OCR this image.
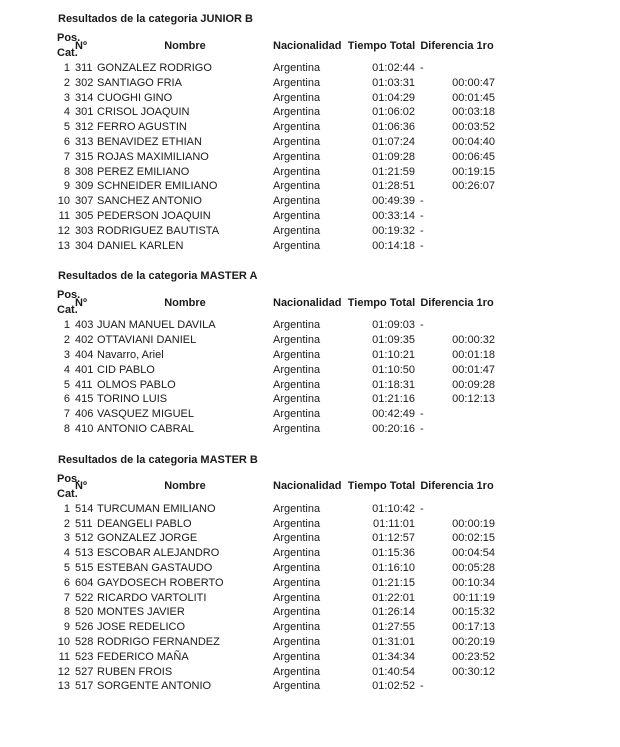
Resultados de la categoria JUNIOR B
Pos.
Cat.	Nº	Nombre	Nacionalidad	Tiempo Total	Diferencia 1ro
1	311	GONZALEZ RODRIGO	Argentina	01:02:44	-
2	302	SANTIAGO FRIA	Argentina	01:03:31	00:00:47
3	314	CUOGHI GINO	Argentina	01:04:29	00:01:45
4	301	CRISOL JOAQUIN	Argentina	01:06:02	00:03:18
5	312	FERRO AGUSTIN	Argentina	01:06:36	00:03:52
6	313	BENAVIDEZ ETHIAN	Argentina	01:07:24	00:04:40
7	315	ROJAS MAXIMILIANO	Argentina	01:09:28	00:06:45
8	308	PEREZ EMILIANO	Argentina	01:21:59	00:19:15
9	309	SCHNEIDER EMILIANO	Argentina	01:28:51	00:26:07
10	307	SANCHEZ ANTONIO	Argentina	00:49:39	-
11	305	PEDERSON JOAQUIN	Argentina	00:33:14	-
12	303	RODRIGUEZ BAUTISTA	Argentina	00:19:32	-
13	304	DANIEL KARLEN	Argentina	00:14:18	-
Resultados de la categoria MASTER A
Pos.
Cat.	Nº	Nombre	Nacionalidad	Tiempo Total	Diferencia 1ro
1	403	JUAN MANUEL DAVILA	Argentina	01:09:03	-
2	402	OTTAVIANI DANIEL	Argentina	01:09:35	00:00:32
3	404	Navarro, Ariel	Argentina	01:10:21	00:01:18
4	401	CID PABLO	Argentina	01:10:50	00:01:47
5	411	OLMOS PABLO	Argentina	01:18:31	00:09:28
6	415	TORINO LUIS	Argentina	01:21:16	00:12:13
7	406	VASQUEZ MIGUEL	Argentina	00:42:49	-
8	410	ANTONIO CABRAL	Argentina	00:20:16	-
Resultados de la categoria MASTER B
Pos.
Cat.	Nº	Nombre	Nacionalidad	Tiempo Total	Diferencia 1ro
1	514	TURCUMAN EMILIANO	Argentina	01:10:42	-
2	511	DEANGELI PABLO	Argentina	01:11:01	00:00:19
3	512	GONZALEZ JORGE	Argentina	01:12:57	00:02:15
4	513	ESCOBAR ALEJANDRO	Argentina	01:15:36	00:04:54
5	515	ESTEBAN GASTAUDO	Argentina	01:16:10	00:05:28
6	604	GAYDOSECH ROBERTO	Argentina	01:21:15	00:10:34
7	522	RICARDO VARTOLITI	Argentina	01:22:01	00:11:19
8	520	MONTES JAVIER	Argentina	01:26:14	00:15:32
9	526	JOSE REDELICO	Argentina	01:27:55	00:17:13
10	528	RODRIGO FERNANDEZ	Argentina	01:31:01	00:20:19
11	523	FEDERICO MAÑA	Argentina	01:34:34	00:23:52
12	527	RUBEN FROIS	Argentina	01:40:54	00:30:12
13	517	SORGENTE ANTONIO	Argentina	01:02:52	-
